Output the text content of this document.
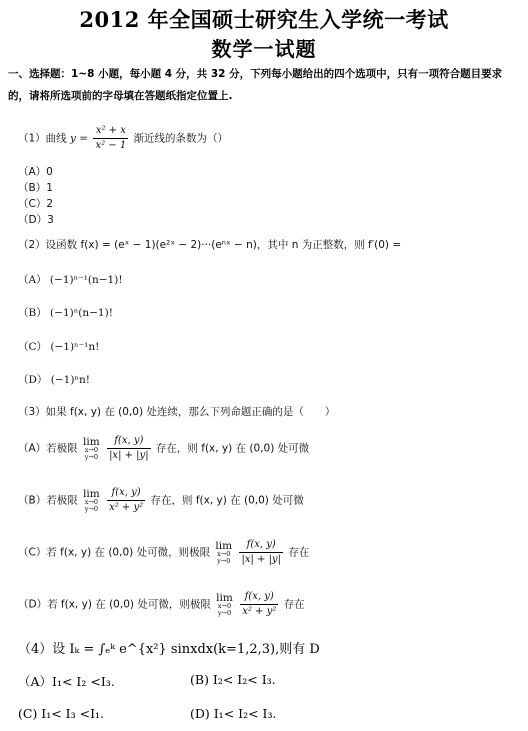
2012 年全国硕士研究生入学统一考试
数学一试题
一、选择题：1~8 小题，每小题 4 分，共 32 分，下列每小题给出的四个选项中，只有一项符合题目要求的，请将所选项前的字母填在答题纸指定位置上.
（1）曲线 $y = \frac{\text{x² + x}}{\text{x² − 1}}$ 渐近线的条数为（）
（A）0
（B）1
（C）2
（D）3
（2）设函数 f(x) = (eˣ − 1)(e²ˣ − 2)···(eⁿˣ − n)，其中 n 为正整数，则 f′(0) =
（A） (−1)ⁿ⁻¹(n−1)!
（B） (−1)ⁿ(n−1)!
（C） (−1)ⁿ⁻¹n!
（D） (−1)ⁿn!
（3）如果 f(x, y) 在 (0,0) 处连续，那么下列命题正确的是（　　）
（A）若极限
lim
x→0
y→0
$\frac{f(x, y)}{|x| + |y|}$ 存在，则 f(x, y) 在 (0,0) 处可微
（B）若极限
lim
x→0
y→0
$\frac{f(x, y)}{\text{x² + y²}}$ 存在，则 f(x, y) 在 (0,0) 处可微
（C）若 f(x, y) 在 (0,0) 处可微，则极限
lim
x→0
y→0
$\frac{f(x, y)}{|x| + |y|}$ 存在
（D）若 f(x, y) 在 (0,0) 处可微，则极限
lim
x→0
y→0
$\frac{f(x, y)}{\text{x² + y²}}$ 存在
（4）设 Iₖ = ∫ₑᵏ e^{x²} sinxdx(k=1,2,3),则有 D
（A）I₁< I₂ <I₃.	(B) I₂< I₂< I₃.
(C) I₁< I₃ <I₁.	(D) I₁< I₂< I₃.
